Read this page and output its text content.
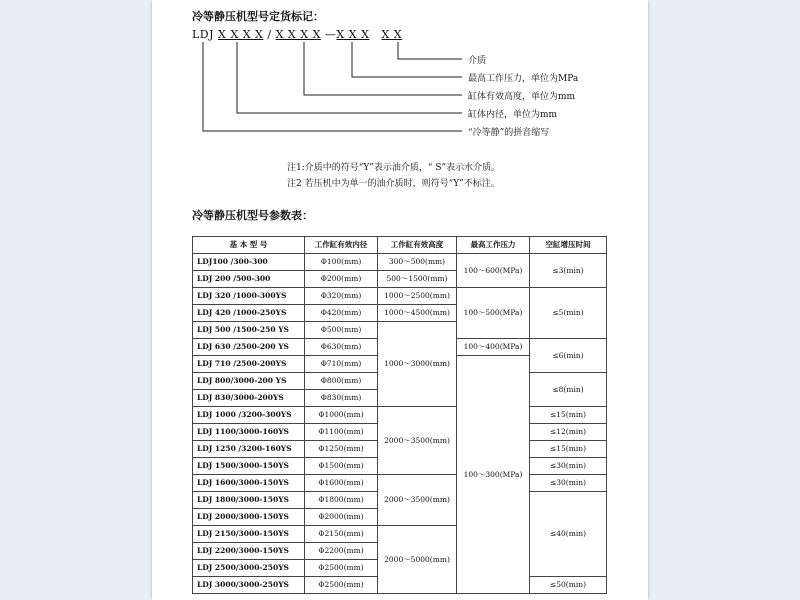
冷等静压机型号定货标记：
LDJ X X X X / X X X X —X X X X X
介质
最高工作压力，单位为MPa
缸体有效高度，单位为mm
缸体内径，单位为mm
“冷等静”的拼音缩写
注1:介质中的符号“Y”表示油介质，“ S”表示水介质。
注2 若压机中为单一的油介质时，则符号“Y”不标注。
冷等静压机型号参数表：
基 本 型 号	工作缸有效内径	工作缸有效高度	最高工作压力	空缸增压时间
LDJ100 /300-300	Φ100(mm)	300～500(mm)	100～600(MPa)	≤3(min)
LDJ 200 /500-300	Φ200(mm)	500～1500(mm)		
LDJ 320 /1000-300YS	Φ320(mm)	1000～2500(mm)	100～500(MPa)	≤5(min)
LDJ 420 /1000-250YS	Φ420(mm)	1000～4500(mm)		
LDJ 500 /1500-250 YS	Φ500(mm)	1000～3000(mm)		
LDJ 630 /2500-200 YS	Φ630(mm)		100～400(MPa)	≤6(min)
LDJ 710 /2500-200YS	Φ710(mm)		100～300(MPa)	
LDJ 800/3000-200 YS	Φ800(mm)			≤8(min)
LDJ 830/3000-200YS	Φ830(mm)			
LDJ 1000 /3200-300YS	Φ1000(mm)	2000～3500(mm)		≤15(min)
LDJ 1100/3000-160YS	Φ1100(mm)			≤12(min)
LDJ 1250 /3200-160YS	Φ1250(mm)			≤15(min)
LDJ 1500/3000-150YS	Φ1500(mm)			≤30(min)
LDJ 1600/3000-150YS	Φ1600(mm)	2000～3500(mm)		≤30(min)
LDJ 1800/3000-150YS	Φ1800(mm)			≤40(min)
LDJ 2000/3000-150YS	Φ2000(mm)			
LDJ 2150/3000-150YS	Φ2150(mm)	2000～5000(mm)		
LDJ 2200/3000-150YS	Φ2200(mm)			
LDJ 2500/3000-250YS	Φ2500(mm)			
LDJ 3000/3000-250YS	Φ2500(mm)			≤50(min)
